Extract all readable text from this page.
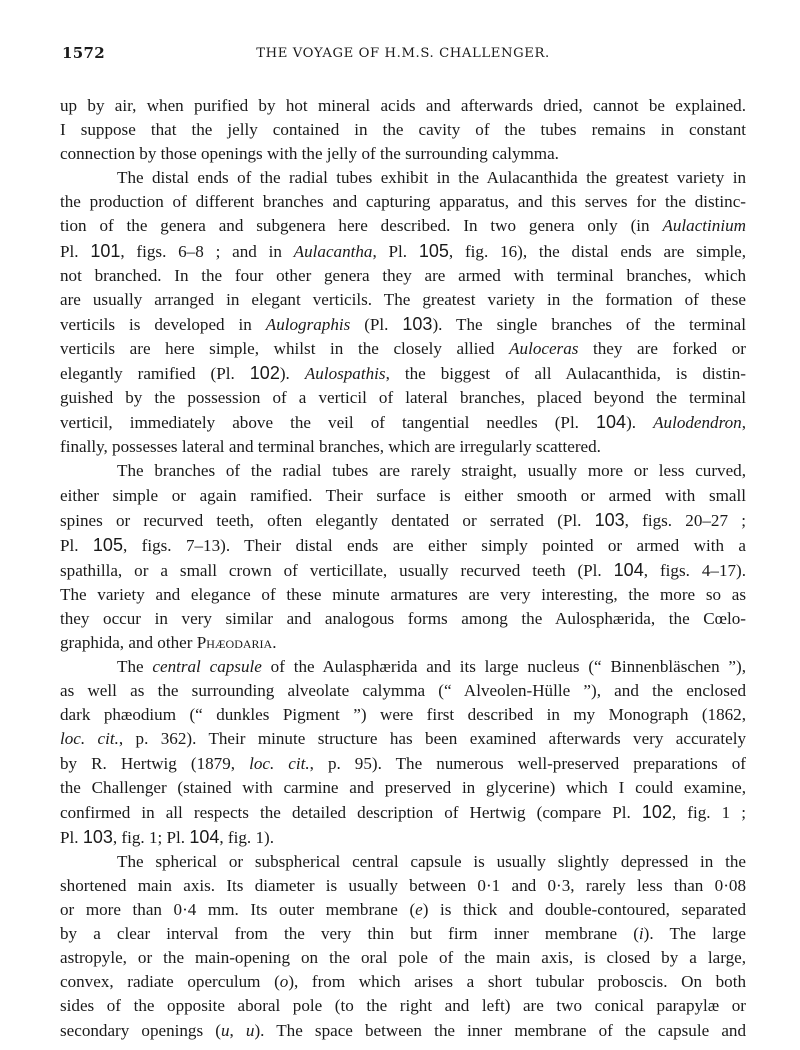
1572	THE VOYAGE OF H.M.S. CHALLENGER.
up by air, when purified by hot mineral acids and afterwards dried, cannot be explained.
I suppose that the jelly contained in the cavity of the tubes remains in constant
connection by those openings with the jelly of the surrounding calymma.
The distal ends of the radial tubes exhibit in the Aulacanthida the greatest variety in
the production of different branches and capturing apparatus, and this serves for the distinc-
tion of the genera and subgenera here described. In two genera only (in Aulactinium
Pl. 101, figs. 6–8 ; and in Aulacantha, Pl. 105, fig. 16), the distal ends are simple,
not branched. In the four other genera they are armed with terminal branches, which
are usually arranged in elegant verticils. The greatest variety in the formation of these
verticils is developed in Aulographis (Pl. 103). The single branches of the terminal
verticils are here simple, whilst in the closely allied Auloceras they are forked or
elegantly ramified (Pl. 102). Aulospathis, the biggest of all Aulacanthida, is distin-
guished by the possession of a verticil of lateral branches, placed beyond the terminal
verticil, immediately above the veil of tangential needles (Pl. 104). Aulodendron,
finally, possesses lateral and terminal branches, which are irregularly scattered.
The branches of the radial tubes are rarely straight, usually more or less curved,
either simple or again ramified. Their surface is either smooth or armed with small
spines or recurved teeth, often elegantly dentated or serrated (Pl. 103, figs. 20–27 ;
Pl. 105, figs. 7–13). Their distal ends are either simply pointed or armed with a
spathilla, or a small crown of verticillate, usually recurved teeth (Pl. 104, figs. 4–17).
The variety and elegance of these minute armatures are very interesting, the more so as
they occur in very similar and analogous forms among the Aulosphærida, the Cœlo-
graphida, and other Phæodaria.
The central capsule of the Aulasphærida and its large nucleus (“ Binnenbläschen ”),
as well as the surrounding alveolate calymma (“ Alveolen-Hülle ”), and the enclosed
dark phæodium (“ dunkles Pigment ”) were first described in my Monograph (1862,
loc. cit., p. 362). Their minute structure has been examined afterwards very accurately
by R. Hertwig (1879, loc. cit., p. 95). The numerous well-preserved preparations of
the Challenger (stained with carmine and preserved in glycerine) which I could examine,
confirmed in all respects the detailed description of Hertwig (compare Pl. 102, fig. 1 ;
Pl. 103, fig. 1; Pl. 104, fig. 1).
The spherical or subspherical central capsule is usually slightly depressed in the
shortened main axis. Its diameter is usually between 0·1 and 0·3, rarely less than 0·08
or more than 0·4 mm. Its outer membrane (e) is thick and double-contoured, separated
by a clear interval from the very thin but firm inner membrane (i). The large
astropyle, or the main-opening on the oral pole of the main axis, is closed by a large,
convex, radiate operculum (o), from which arises a short tubular proboscis. On both
sides of the opposite aboral pole (to the right and left) are two conical parapylæ or
secondary openings (u, u). The space between the inner membrane of the capsule and
